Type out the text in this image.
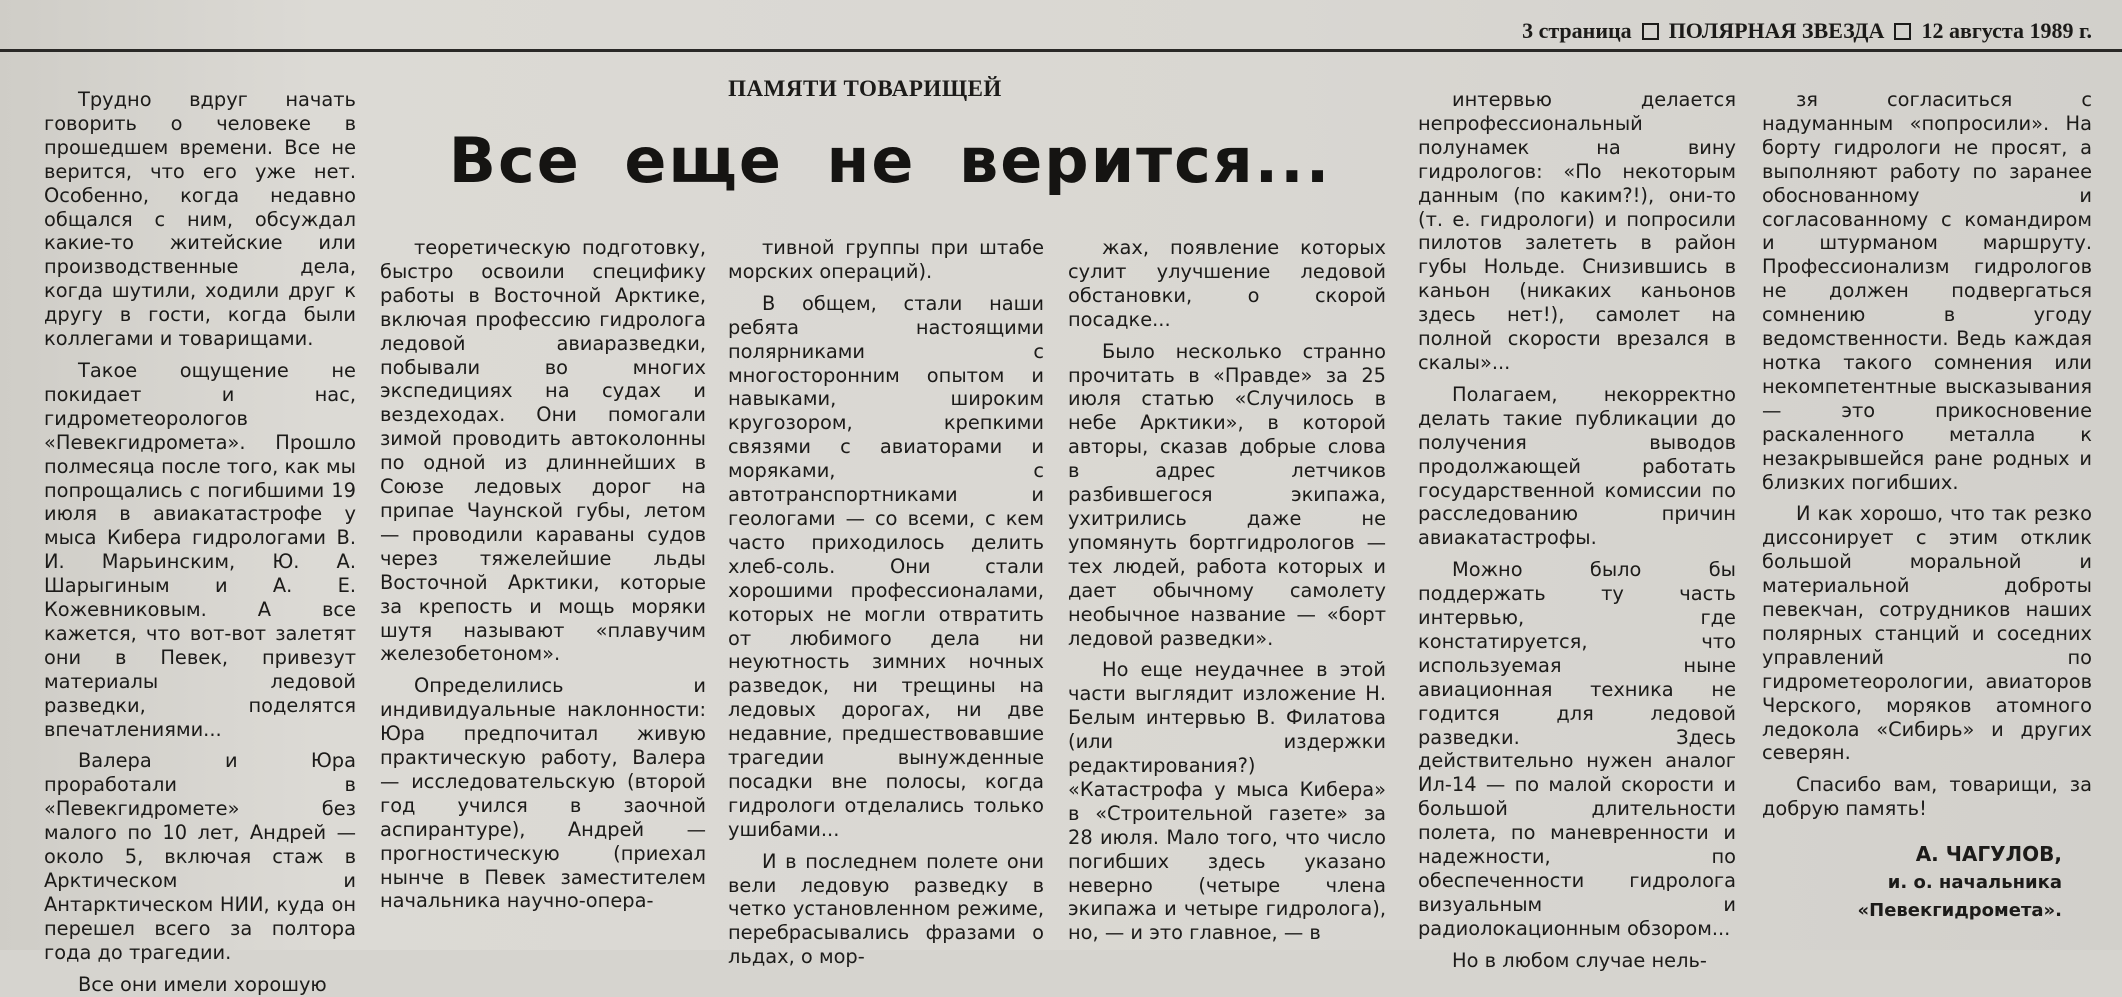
3 страница ПОЛЯРНАЯ ЗВЕЗДА 12 августа 1989 г.
ПАМЯТИ ТОВАРИЩЕЙ
Все еще не верится...

Трудно вдруг начать говорить о человеке в прошедшем времени. Все не верится, что его уже нет. Особенно, когда недавно общался с ним, обсуждал какие-то житейские или производственные дела, когда шутили, ходили друг к другу в гости, когда были коллегами и товарищами.

Такое ощущение не покидает и нас, гидрометеорологов «Певекгидромета». Прошло полмесяца после того, как мы попрощались с погибшими 19 июля в авиакатастрофе у мыса Кибера гидрологами В. И. Марьинским, Ю. А. Шарыгиным и А. Е. Кожевниковым. А все кажется, что вот-вот залетят они в Певек, привезут материалы ледовой разведки, поделятся впечатлениями...

Валера и Юра проработали в «Певекгидромете» без малого по 10 лет, Андрей — около 5, включая стаж в Арктическом и Антарктическом НИИ, куда он перешел всего за полтора года до трагедии.

Все они имели хорошую

теоретическую подготовку, быстро освоили специфику работы в Восточной Арктике, включая профессию гидролога ледовой авиаразведки, побывали во многих экспедициях на судах и вездеходах. Они помогали зимой проводить автоколонны по одной из длиннейших в Союзе ледовых дорог на припае Чаунской губы, летом — проводили караваны судов через тяжелейшие льды Восточной Арктики, которые за крепость и мощь моряки шутя называют «плавучим железобетоном».

Определились и индивидуальные наклонности: Юра предпочитал живую практическую работу, Валера — исследовательскую (второй год учился в заочной аспирантуре), Андрей — прогностическую (приехал нынче в Певек заместителем начальника научно-опера-

тивной группы при штабе морских операций).

В общем, стали наши ребята настоящими полярниками с многосторонним опытом и навыками, широким кругозором, крепкими связями с авиаторами и моряками, с автотранспортниками и геологами — со всеми, с кем часто приходилось делить хлеб-соль. Они стали хорошими профессионалами, которых не могли отвратить от любимого дела ни неуютность зимних ночных разведок, ни трещины на ледовых дорогах, ни две недавние, предшествовавшие трагедии вынужденные посадки вне полосы, когда гидрологи отделались только ушибами...

И в последнем полете они вели ледовую разведку в четко установленном режиме, перебрасывались фразами о льдах, о мор-

жах, появление которых сулит улучшение ледовой обстановки, о скорой посадке...

Было несколько странно прочитать в «Правде» за 25 июля статью «Случилось в небе Арктики», в которой авторы, сказав добрые слова в адрес летчиков разбившегося экипажа, ухитрились даже не упомянуть бортгидрологов — тех людей, работа которых и дает обычному самолету необычное название — «борт ледовой разведки».

Но еще неудачнее в этой части выглядит изложение Н. Белым интервью В. Филатова (или издержки редактирования?) «Катастрофа у мыса Кибера» в «Строительной газете» за 28 июля. Мало того, что число погибших здесь указано неверно (четыре члена экипажа и четыре гидролога), но, — и это главное, — в

интервью делается непрофессиональный полунамек на вину гидрологов: «По некоторым данным (по каким?!), они-то (т. е. гидрологи) и попросили пилотов залететь в район губы Нольде. Снизившись в каньон (никаких каньонов здесь нет!), самолет на полной скорости врезался в скалы»...

Полагаем, некорректно делать такие публикации до получения выводов продолжающей работать государственной комиссии по расследованию причин авиакатастрофы.

Можно было бы поддержать ту часть интервью, где констатируется, что используемая ныне авиационная техника не годится для ледовой разведки. Здесь действительно нужен аналог Ил-14 — по малой скорости и большой длительности полета, по маневренности и надежности, по обеспеченности гидролога визуальным и радиолокационным обзором...

Но в любом случае нель-

зя согласиться с надуманным «попросили». На борту гидрологи не просят, а выполняют работу по заранее обоснованному и согласованному с командиром и штурманом маршруту. Профессионализм гидрологов не должен подвергаться сомнению в угоду ведомственности. Ведь каждая нотка такого сомнения или некомпетентные высказывания — это прикосновение раскаленного металла к незакрывшейся ране родных и близких погибших.

И как хорошо, что так резко диссонирует с этим отклик большой моральной и материальной доброты певекчан, сотрудников наших полярных станций и соседних управлений по гидрометеорологии, авиаторов Черского, моряков атомного ледокола «Сибирь» и других северян.

Спасибо вам, товарищи, за добрую память!

А. ЧАГУЛОВ,
и. о. начальника
«Певекгидромета».
